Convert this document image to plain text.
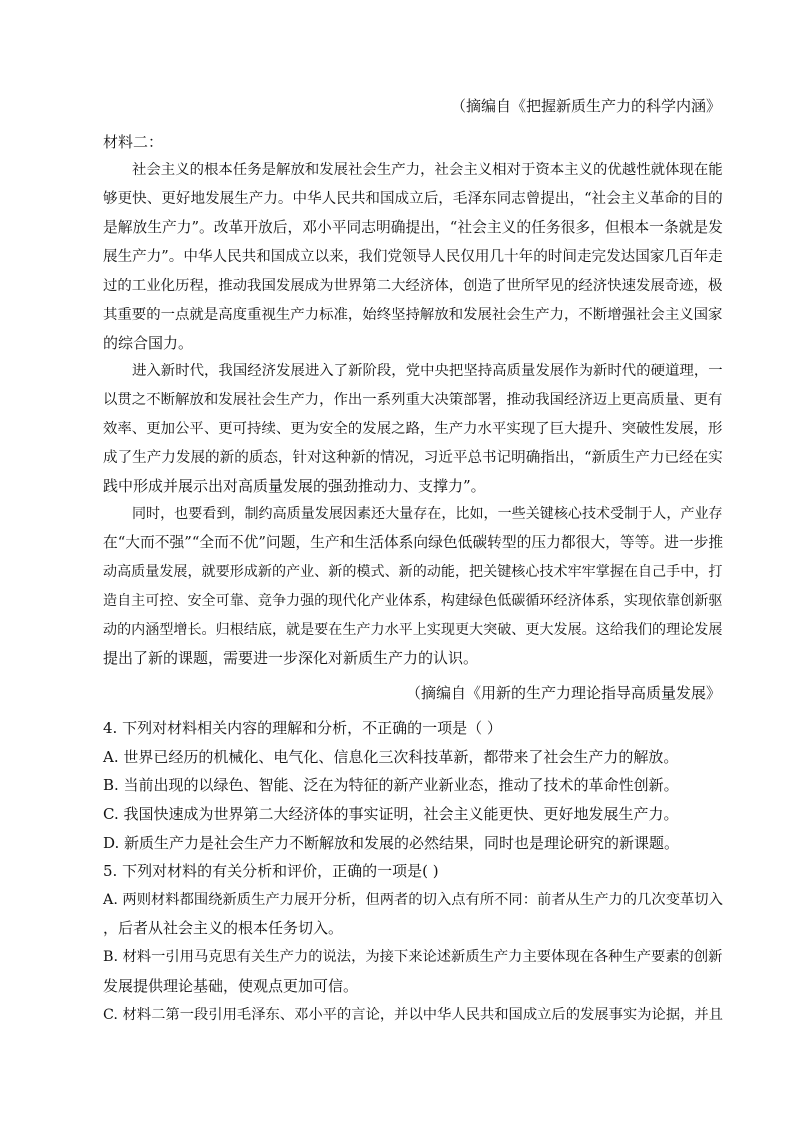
（摘编自《把握新质生产力的科学内涵》
材料二：
社会主义的根本任务是解放和发展社会生产力，社会主义相对于资本主义的优越性就体现在能
够更快、更好地发展生产力。中华人民共和国成立后，毛泽东同志曾提出，“社会主义革命的目的
是解放生产力”。改革开放后，邓小平同志明确提出，“社会主义的任务很多，但根本一条就是发
展生产力”。中华人民共和国成立以来，我们党领导人民仅用几十年的时间走完发达国家几百年走
过的工业化历程，推动我国发展成为世界第二大经济体，创造了世所罕见的经济快速发展奇迹，极
其重要的一点就是高度重视生产力标准，始终坚持解放和发展社会生产力，不断增强社会主义国家
的综合国力。
进入新时代，我国经济发展进入了新阶段，党中央把坚持高质量发展作为新时代的硬道理，一
以贯之不断解放和发展社会生产力，作出一系列重大决策部署，推动我国经济迈上更高质量、更有
效率、更加公平、更可持续、更为安全的发展之路，生产力水平实现了巨大提升、突破性发展，形
成了生产力发展的新的质态，针对这种新的情况，习近平总书记明确指出，“新质生产力已经在实
践中形成并展示出对高质量发展的强劲推动力、支撑力”。
同时，也要看到，制约高质量发展因素还大量存在，比如，一些关键核心技术受制于人，产业存
在“大而不强”“全而不优”问题，生产和生活体系向绿色低碳转型的压力都很大，等等。进一步推
动高质量发展，就要形成新的产业、新的模式、新的动能，把关键核心技术牢牢掌握在自己手中，打
造自主可控、安全可靠、竞争力强的现代化产业体系，构建绿色低碳循环经济体系，实现依靠创新驱
动的内涵型增长。归根结底，就是要在生产力水平上实现更大突破、更大发展。这给我们的理论发展
提出了新的课题，需要进一步深化对新质生产力的认识。
（摘编自《用新的生产力理论指导高质量发展》
4. 下列对材料相关内容的理解和分析，不正确的一项是（ ）
A. 世界已经历的机械化、电气化、信息化三次科技革新，都带来了社会生产力的解放。
B. 当前出现的以绿色、智能、泛在为特征的新产业新业态，推动了技术的革命性创新。
C. 我国快速成为世界第二大经济体的事实证明，社会主义能更快、更好地发展生产力。
D. 新质生产力是社会生产力不断解放和发展的必然结果，同时也是理论研究的新课题。
5. 下列对材料的有关分析和评价，正确的一项是( )
A. 两则材料都围绕新质生产力展开分析，但两者的切入点有所不同：前者从生产力的几次变革切入
，后者从社会主义的根本任务切入。
B. 材料一引用马克思有关生产力的说法，为接下来论述新质生产力主要体现在各种生产要素的创新
发展提供理论基础，使观点更加可信。
C. 材料二第一段引用毛泽东、邓小平的言论，并以中华人民共和国成立后的发展事实为论据，并且
